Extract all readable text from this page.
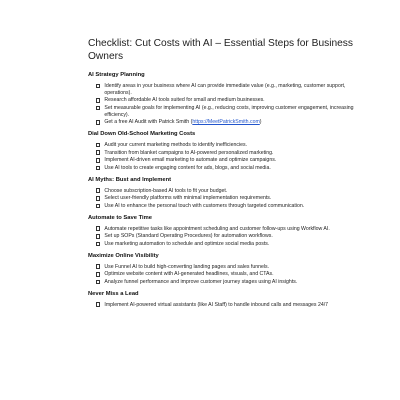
Checklist: Cut Costs with AI – Essential Steps for Business Owners
AI Strategy Planning
Identify areas in your business where AI can provide immediate value (e.g., marketing, customer support, operations).
Research affordable AI tools suited for small and medium businesses.
Set measurable goals for implementing AI (e.g., reducing costs, improving customer engagement, increasing efficiency).
Get a free AI Audit with Patrick Smith (https://MeetPatrickSmith.com)
Dial Down Old-School Marketing Costs
Audit your current marketing methods to identify inefficiencies.
Transition from blanket campaigns to AI-powered personalized marketing.
Implement AI-driven email marketing to automate and optimize campaigns.
Use AI tools to create engaging content for ads, blogs, and social media.
AI Myths: Bust and Implement
Choose subscription-based AI tools to fit your budget.
Select user-friendly platforms with minimal implementation requirements.
Use AI to enhance the personal touch with customers through targeted communication.
Automate to Save Time
Automate repetitive tasks like appointment scheduling and customer follow-ups using Workflow AI.
Set up SOPs (Standard Operating Procedures) for automation workflows.
Use marketing automation to schedule and optimize social media posts.
Maximize Online Visibility
Use Funnel AI to build high-converting landing pages and sales funnels.
Optimize website content with AI-generated headlines, visuals, and CTAs.
Analyze funnel performance and improve customer journey stages using AI insights.
Never Miss a Lead
Implement AI-powered virtual assistants (like AI Staff) to handle inbound calls and messages 24/7
